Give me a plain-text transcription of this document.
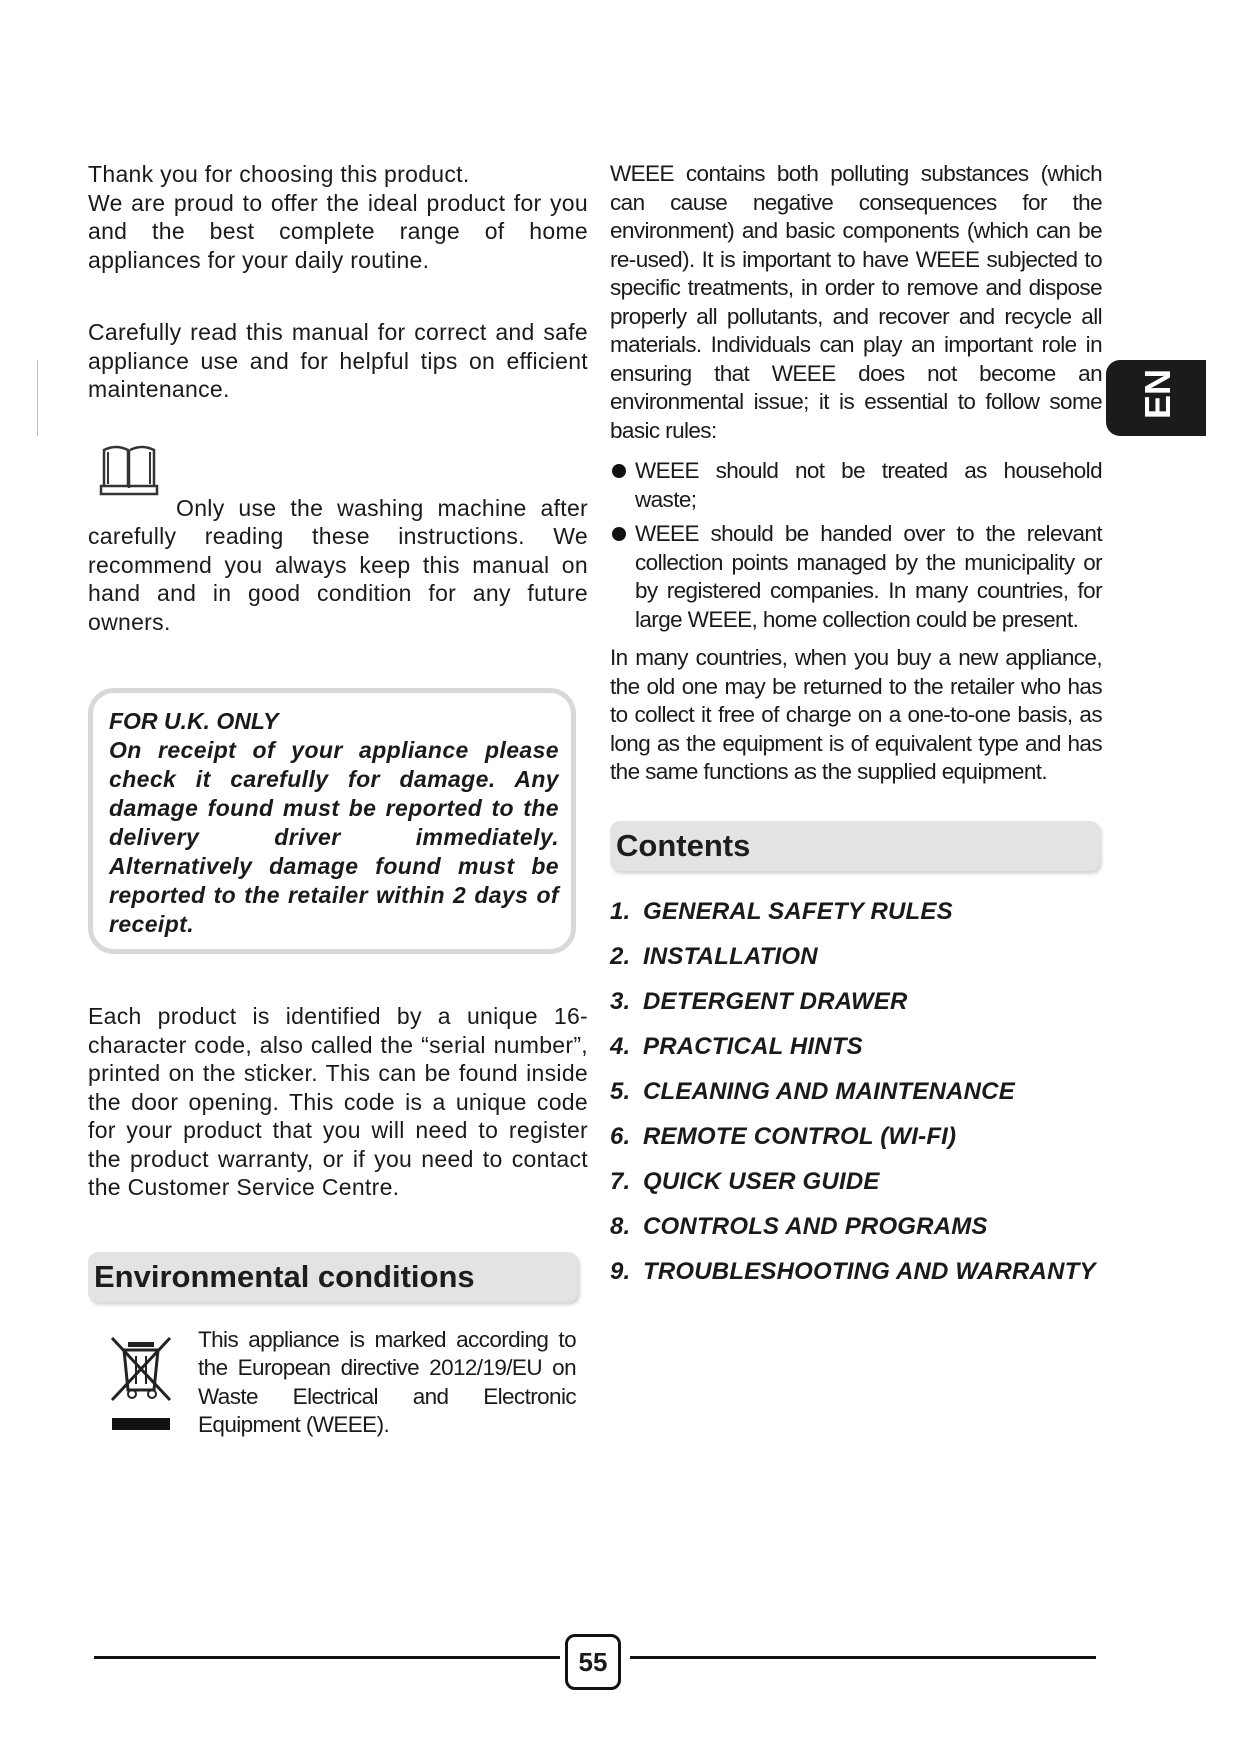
Thank you for choosing this product.

We are proud to offer the ideal product for you and the best complete range of home appliances for your daily routine.

Carefully read this manual for correct and safe appliance use and for helpful tips on efficient maintenance.

Only use the washing machine after carefully reading these instructions. We recommend you always keep this manual on hand and in good condition for any future owners.

FOR U.K. ONLY

On receipt of your appliance please check it carefully for damage. Any damage found must be reported to the delivery driver immediately. Alternatively damage found must be reported to the retailer within 2 days of receipt.

Each product is identified by a unique 16-character code, also called the “serial number”, printed on the sticker. This can be found inside the door opening. This code is a unique code for your product that you will need to register the product warranty, or if you need to contact the Customer Service Centre.

Environmental conditions

This appliance is marked according to the European directive 2012/19/EU on Waste Electrical and Electronic Equipment (WEEE).

WEEE contains both polluting substances (which can cause negative consequences for the environment) and basic components (which can be re-used). It is important to have WEEE subjected to specific treatments, in order to remove and dispose properly all pollutants, and recover and recycle all materials. Individuals can play an important role in ensuring that WEEE does not become an environmental issue; it is essential to follow some basic rules:

WEEE should not be treated as household waste;
WEEE should be handed over to the relevant collection points managed by the municipality or by registered companies. In many countries, for large WEEE, home collection could be present.

In many countries, when you buy a new appliance, the old one may be returned to the retailer who has to collect it free of charge on a one-to-one basis, as long as the equipment is of equivalent type and has the same functions as the supplied equipment.

Contents
1. GENERAL SAFETY RULES
2. INSTALLATION
3. DETERGENT DRAWER
4. PRACTICAL HINTS
5. CLEANING AND MAINTENANCE
6. REMOTE CONTROL (WI-FI)
7. QUICK USER GUIDE
8. CONTROLS AND PROGRAMS
9. TROUBLESHOOTING AND WARRANTY
EN
55
